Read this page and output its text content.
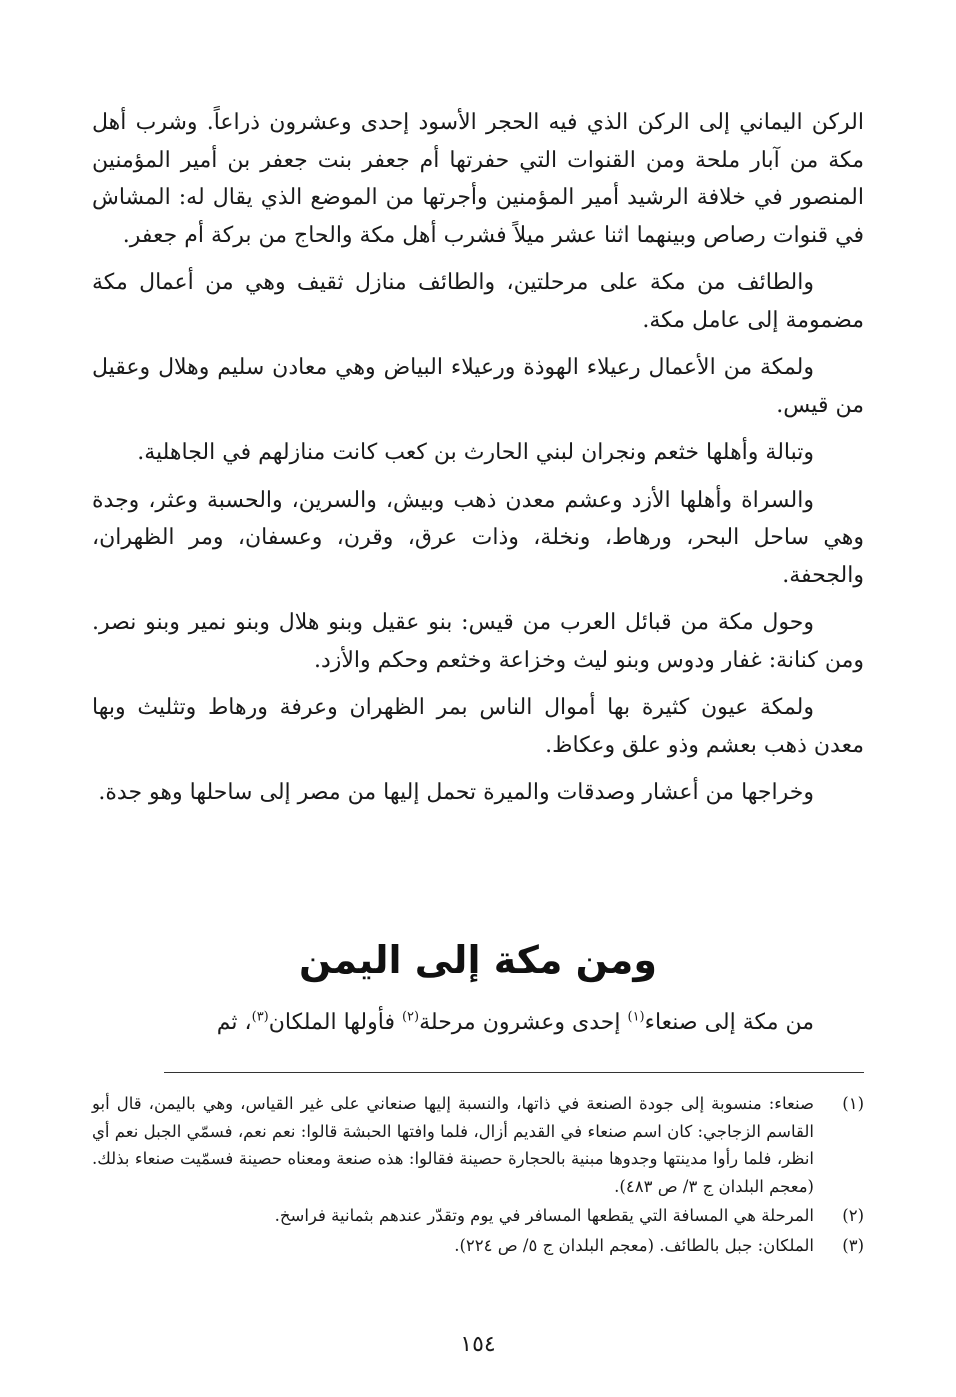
الركن اليماني إلى الركن الذي فيه الحجر الأسود إحدى وعشرون ذراعاً. وشرب أهل مكة من آبار ملحة ومن القنوات التي حفرتها أم جعفر بنت جعفر بن أمير المؤمنين المنصور في خلافة الرشيد أمير المؤمنين وأجرتها من الموضع الذي يقال له: المشاش في قنوات رصاص وبينهما اثنا عشر ميلاً فشرب أهل مكة والحاج من بركة أم جعفر.

والطائف من مكة على مرحلتين، والطائف منازل ثقيف وهي من أعمال مكة مضمومة إلى عامل مكة.

ولمكة من الأعمال رعيلاء الهوذة ورعيلاء البياض وهي معادن سليم وهلال وعقيل من قيس.

وتبالة وأهلها خثعم ونجران لبني الحارث بن كعب كانت منازلهم في الجاهلية.

والسراة وأهلها الأزد وعشم معدن ذهب وبيش، والسرين، والحسبة وعثر، وجدة وهي ساحل البحر، ورهاط، ونخلة، وذات عرق، وقرن، وعسفان، ومر الظهران، والجحفة.

وحول مكة من قبائل العرب من قيس: بنو عقيل وبنو هلال وبنو نمير وبنو نصر. ومن كنانة: غفار ودوس وبنو ليث وخزاعة وخثعم وحكم والأزد.

ولمكة عيون كثيرة بها أموال الناس بمر الظهران وعرفة ورهاط وتثليث وبها معدن ذهب بعشم وذو علق وعكاظ.

وخراجها من أعشار وصدقات والميرة تحمل إليها من مصر إلى ساحلها وهو جدة.

ومن مكة إلى اليمن
من مكة إلى صنعاء$^{(١)}$ إحدى وعشرون مرحلة$^{(٢)}$ فأولها الملكان$^{(٣)}$، ثم
(١)
صنعاء: منسوبة إلى جودة الصنعة في ذاتها، والنسبة إليها صنعاني على غير القياس، وهي باليمن، قال أبو القاسم الزجاجي: كان اسم صنعاء في القديم أزال، فلما وافتها الحبشة قالوا: نعم نعم، فسمّي الجبل نعم أي انظر، فلما رأوا مدينتها وجدوها مبنية بالحجارة حصينة فقالوا: هذه صنعة ومعناه حصينة فسمّيت صنعاء بذلك. (معجم البلدان ج ٣/ ص ٤٨٣).
(٢)
المرحلة هي المسافة التي يقطعها المسافر في يوم وتقدّر عندهم بثمانية فراسخ.
(٣)
الملكان: جبل بالطائف. (معجم البلدان ج ٥/ ص ٢٢٤).
١٥٤
